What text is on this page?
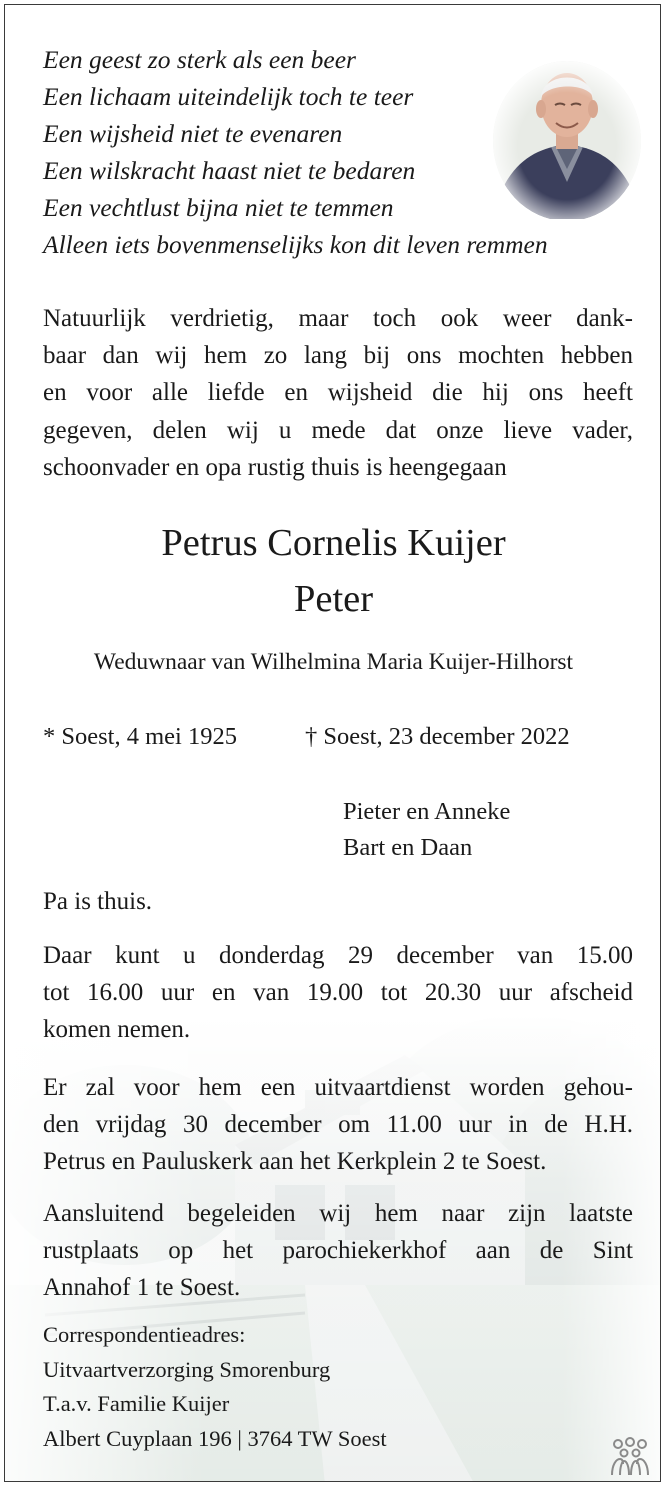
Een geest zo sterk als een beer
Een lichaam uiteindelijk toch te teer
Een wijsheid niet te evenaren
Een wilskracht haast niet te bedaren
Een vechtlust bijna niet te temmen
Alleen iets bovenmenselijks kon dit leven remmen
Natuurlijk verdrietig, maar toch ook weer dank-
baar dan wij hem zo lang bij ons mochten hebben
en voor alle liefde en wijsheid die hij ons heeft
gegeven, delen wij u mede dat onze lieve vader,
schoonvader en opa rustig thuis is heengegaan
Petrus Cornelis Kuijer
Peter
Weduwnaar van Wilhelmina Maria Kuijer-Hilhorst
* Soest, 4 mei 1925	† Soest, 23 december 2022
Pieter en Anneke
Bart en Daan
Pa is thuis.
Daar kunt u donderdag 29 december van 15.00
tot 16.00 uur en van 19.00 tot 20.30 uur afscheid
komen nemen.
Er zal voor hem een uitvaartdienst worden gehou-
den vrijdag 30 december om 11.00 uur in de H.H.
Petrus en Pauluskerk aan het Kerkplein 2 te Soest.
Aansluitend begeleiden wij hem naar zijn laatste
rustplaats op het parochiekerkhof aan de Sint
Annahof 1 te Soest.
Correspondentieadres:
Uitvaartverzorging Smorenburg
T.a.v. Familie Kuijer
Albert Cuyplaan 196 | 3764 TW Soest
